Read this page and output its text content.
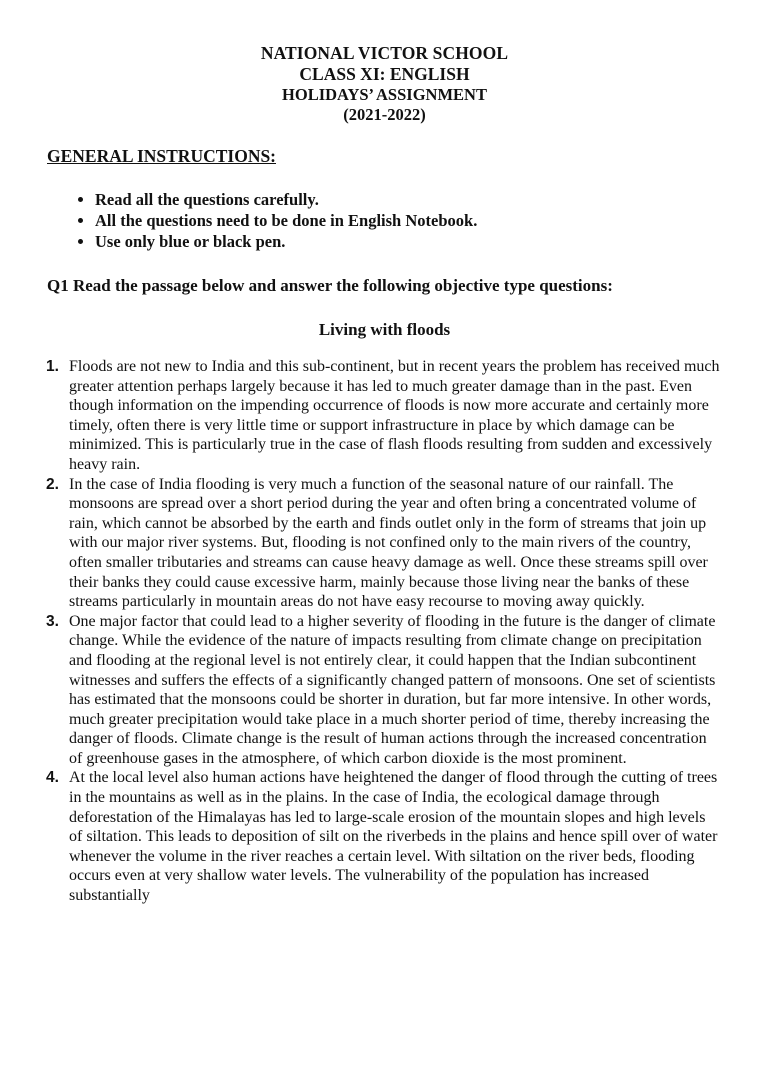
NATIONAL VICTOR SCHOOL
CLASS XI: ENGLISH
HOLIDAYS’ ASSIGNMENT
(2021-2022)
GENERAL INSTRUCTIONS:
• Read all the questions carefully.
• All the questions need to be done in English Notebook.
• Use only blue or black pen.
Q1 Read the passage below and answer the following objective type questions:
Living with floods
1. Floods are not new to India and this sub-continent, but in recent years the problem has received much greater attention perhaps largely because it has led to much greater damage than in the past. Even though information on the impending occurrence of floods is now more accurate and certainly more timely, often there is very little time or support infrastructure in place by which damage can be minimized. This is particularly true in the case of flash floods resulting from sudden and excessively heavy rain.
2. In the case of India flooding is very much a function of the seasonal nature of our rainfall. The monsoons are spread over a short period during the year and often bring a concentrated volume of rain, which cannot be absorbed by the earth and finds outlet only in the form of streams that join up with our major river systems. But, flooding is not confined only to the main rivers of the country, often smaller tributaries and streams can cause heavy damage as well. Once these streams spill over their banks they could cause excessive harm, mainly because those living near the banks of these streams particularly in mountain areas do not have easy recourse to moving away quickly.
3. One major factor that could lead to a higher severity of flooding in the future is the danger of climate change. While the evidence of the nature of impacts resulting from climate change on precipitation and flooding at the regional level is not entirely clear, it could happen that the Indian subcontinent witnesses and suffers the effects of a significantly changed pattern of monsoons. One set of scientists has estimated that the monsoons could be shorter in duration, but far more intensive. In other words, much greater precipitation would take place in a much shorter period of time, thereby increasing the danger of floods. Climate change is the result of human actions through the increased concentration of greenhouse gases in the atmosphere, of which carbon dioxide is the most prominent.
4. At the local level also human actions have heightened the danger of flood through the cutting of trees in the mountains as well as in the plains. In the case of India, the ecological damage through deforestation of the Himalayas has led to large-scale erosion of the mountain slopes and high levels of siltation. This leads to deposition of silt on the riverbeds in the plains and hence spill over of water whenever the volume in the river reaches a certain level. With siltation on the river beds, flooding occurs even at very shallow water levels. The vulnerability of the population has increased substantially
